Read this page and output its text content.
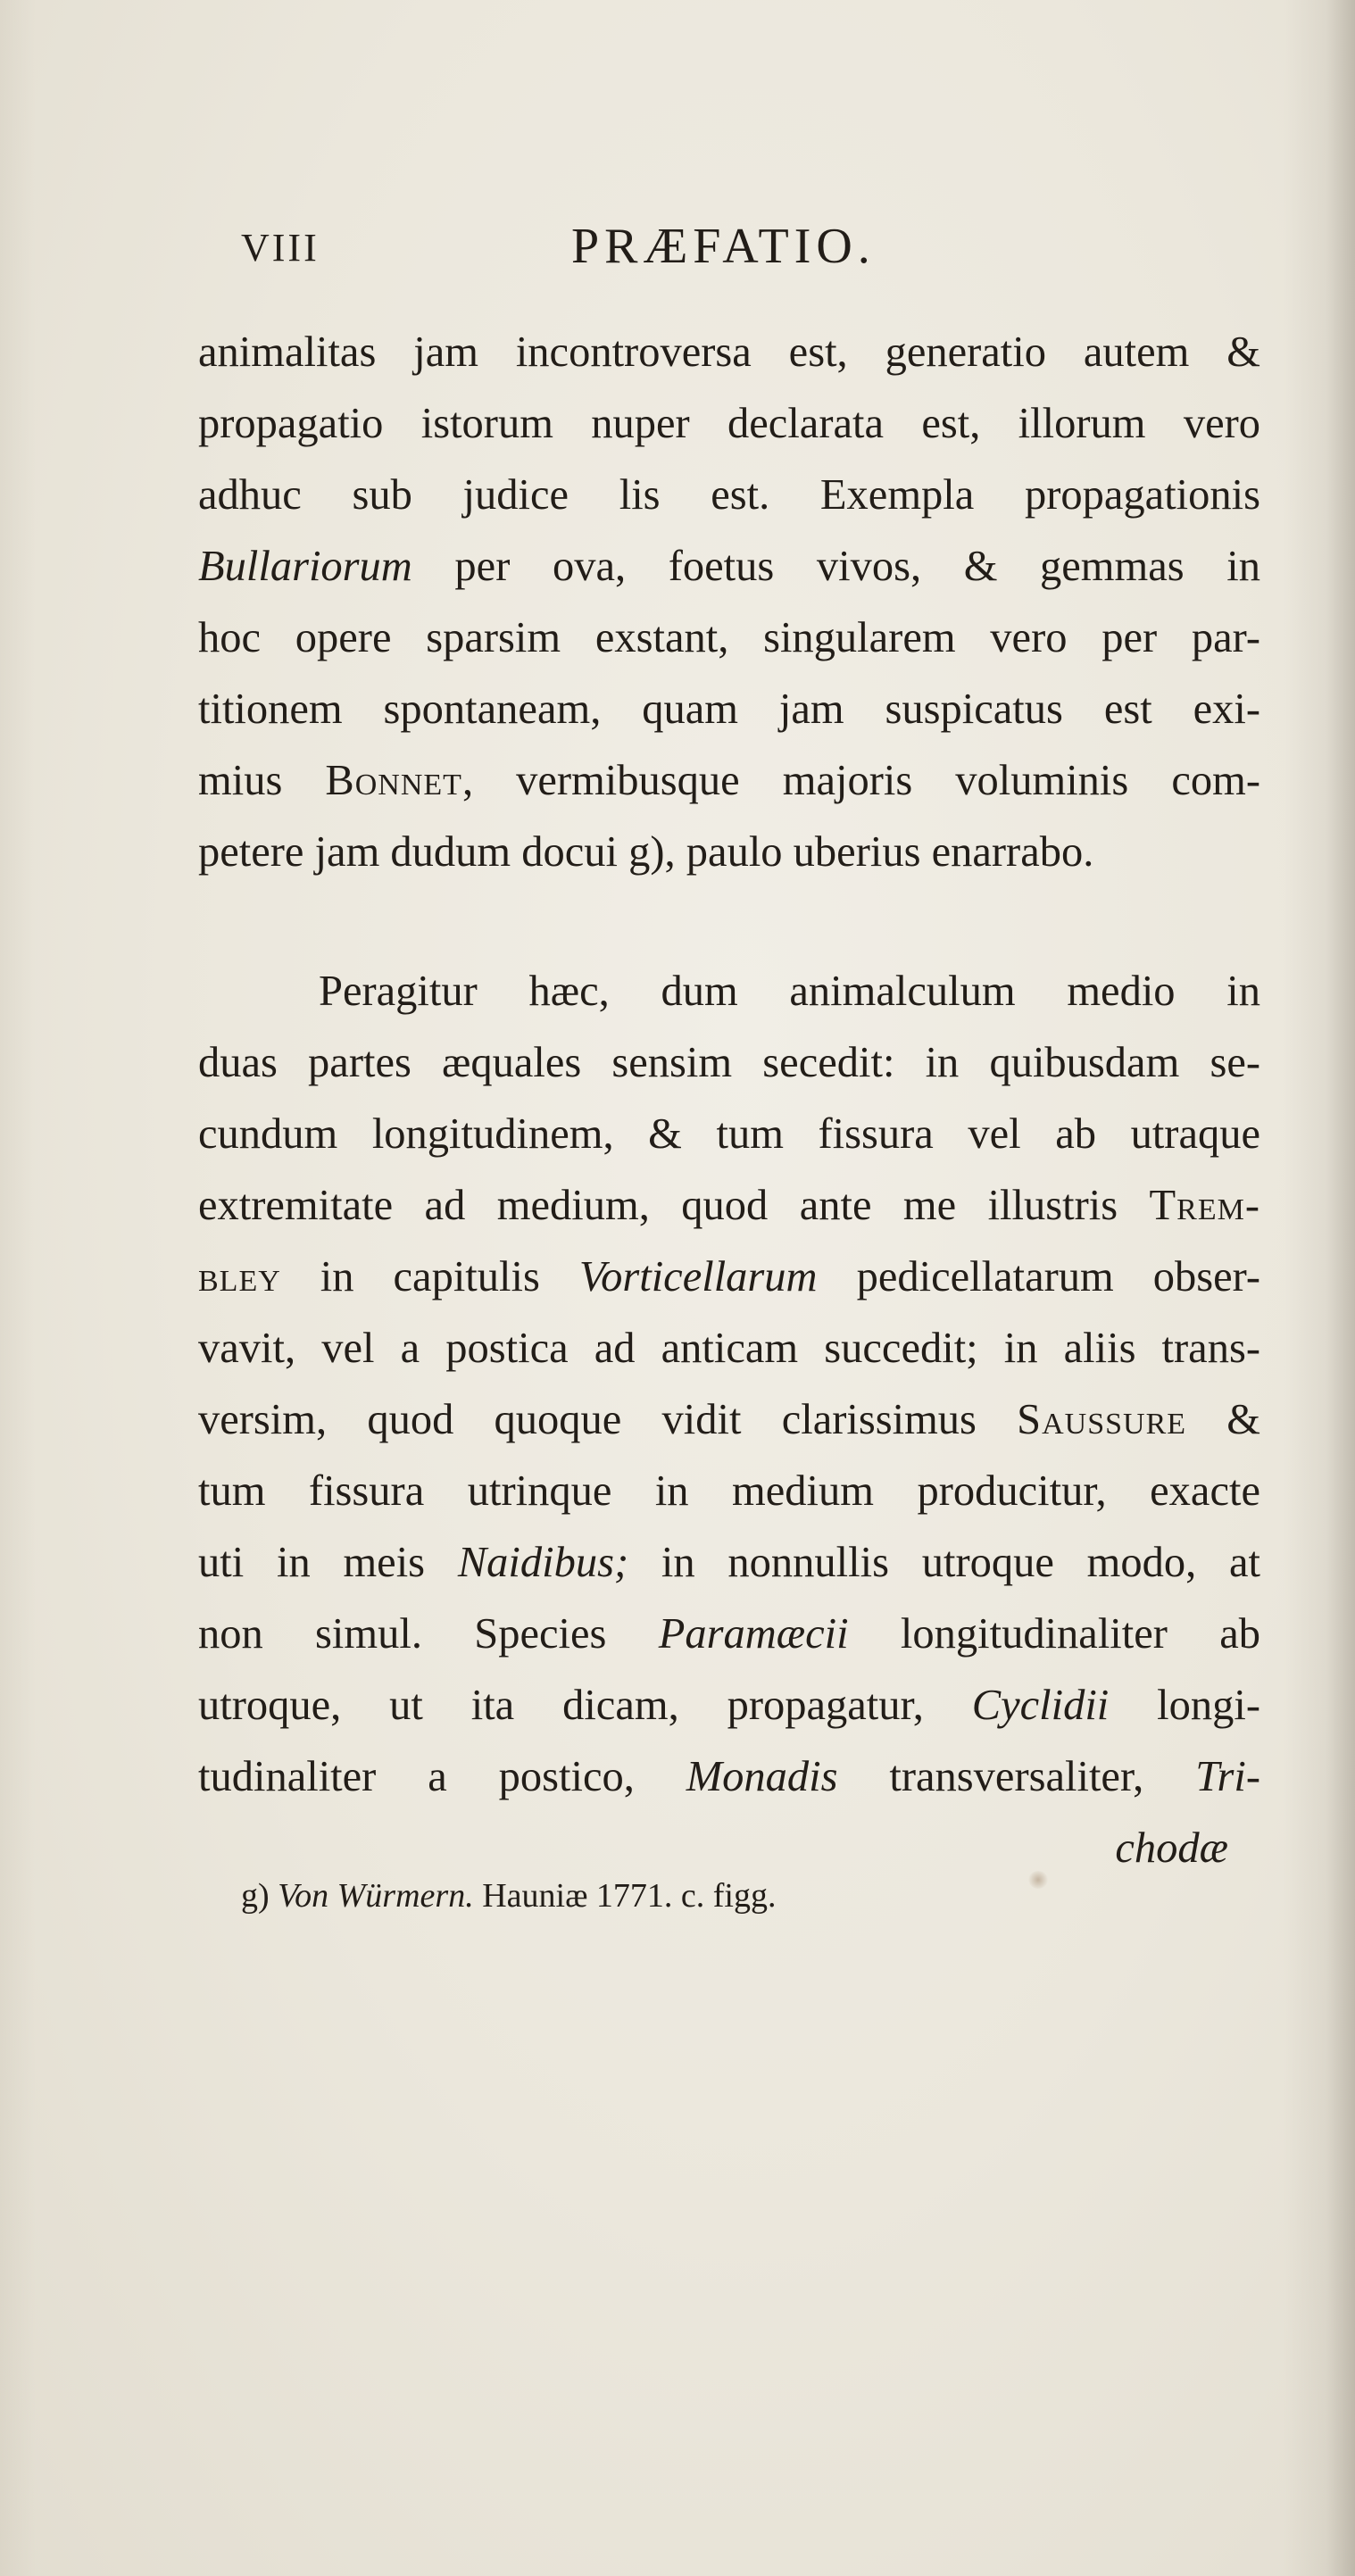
VIII	PRÆFATIO.
animalitas jam incontroversa est, generatio autem &
propagatio istorum nuper declarata est, illorum vero
adhuc sub judice lis est. Exempla propagationis
Bullariorum per ova, foetus vivos, & gemmas in
hoc opere sparsim exstant, singularem vero per par-
titionem spontaneam, quam jam suspicatus est exi-
mius Bonnet, vermibusque majoris voluminis com-
petere jam dudum docui g), paulo uberius enarrabo.
Peragitur hæc, dum animalculum medio in
duas partes æquales sensim secedit: in quibusdam se-
cundum longitudinem, & tum fissura vel ab utraque
extremitate ad medium, quod ante me illustris Trem-
bley in capitulis Vorticellarum pedicellatarum obser-
vavit, vel a postica ad anticam succedit; in aliis trans-
versim, quod quoque vidit clarissimus Saussure &
tum fissura utrinque in medium producitur, exacte
uti in meis Naidibus; in nonnullis utroque modo, at
non simul. Species Paramæcii longitudinaliter ab
utroque, ut ita dicam, propagatur, Cyclidii longi-
tudinaliter a postico, Monadis transversaliter, Tri-
chodæ
g) Von Würmern. Hauniæ 1771. c. figg.
